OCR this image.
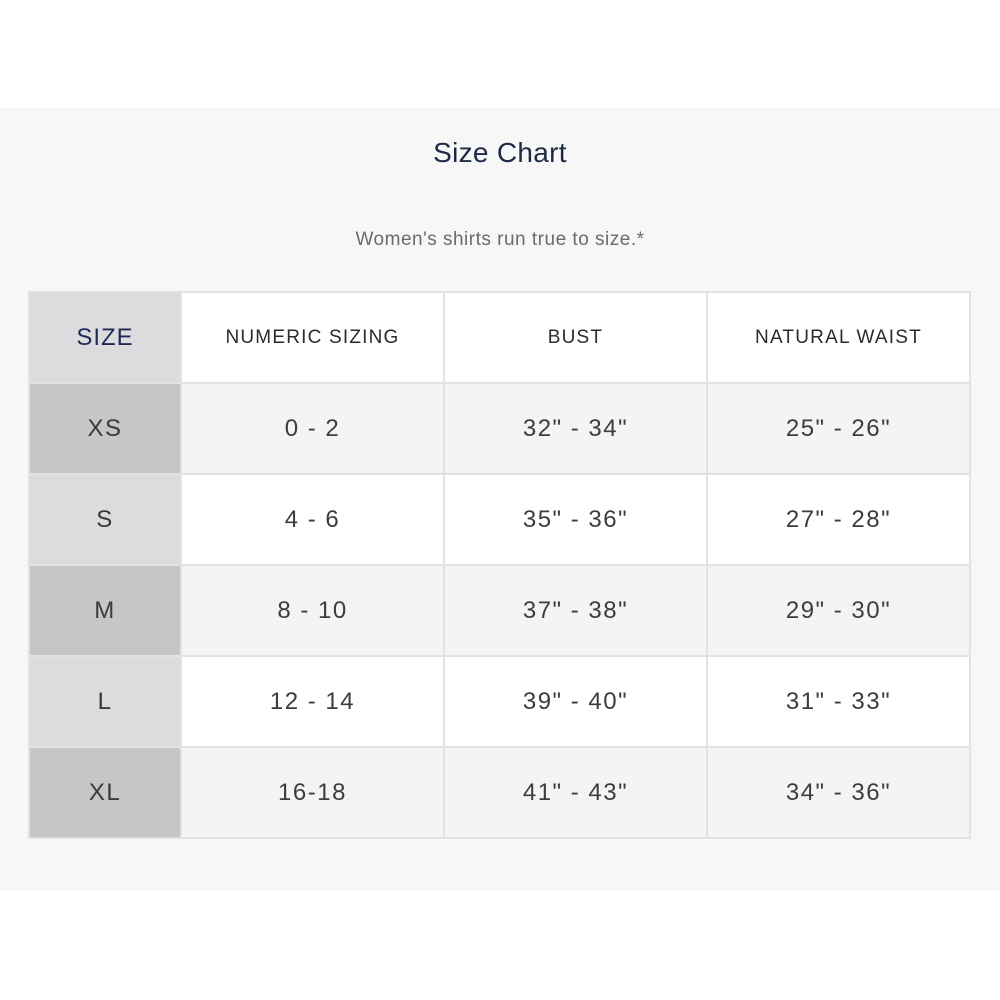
Size Chart
Women's shirts run true to size.*
SIZE	NUMERIC SIZING	BUST	NATURAL WAIST
XS	0 - 2	32" - 34"	25" - 26"
S	4 - 6	35" - 36"	27" - 28"
M	8 - 10	37" - 38"	29" - 30"
L	12 - 14	39" - 40"	31" - 33"
XL	16-18	41" - 43"	34" - 36"
